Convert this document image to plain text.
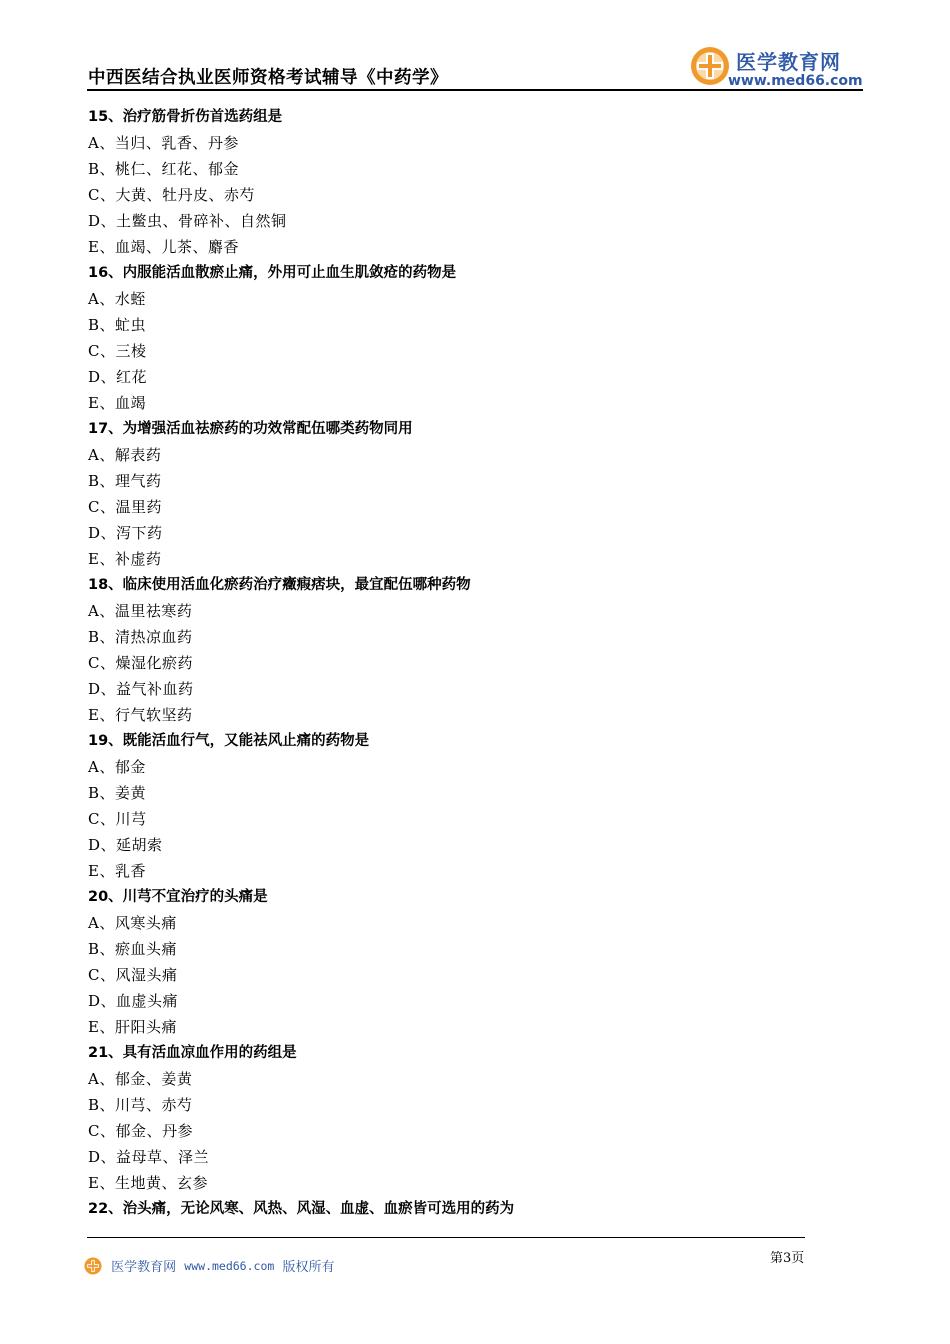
中西医结合执业医师资格考试辅导《中药学》
医学教育网
www.med66.com
15、治疗筋骨折伤首选药组是
A、当归、乳香、丹参
B、桃仁、红花、郁金
C、大黄、牡丹皮、赤芍
D、土鳖虫、骨碎补、自然铜
E、血竭、儿茶、麝香
16、内服能活血散瘀止痛，外用可止血生肌敛疮的药物是
A、水蛭
B、虻虫
C、三棱
D、红花
E、血竭
17、为增强活血祛瘀药的功效常配伍哪类药物同用
A、解表药
B、理气药
C、温里药
D、泻下药
E、补虚药
18、临床使用活血化瘀药治疗癥瘕痞块，最宜配伍哪种药物
A、温里祛寒药
B、清热凉血药
C、燥湿化瘀药
D、益气补血药
E、行气软坚药
19、既能活血行气，又能祛风止痛的药物是
A、郁金
B、姜黄
C、川芎
D、延胡索
E、乳香
20、川芎不宜治疗的头痛是
A、风寒头痛
B、瘀血头痛
C、风湿头痛
D、血虚头痛
E、肝阳头痛
21、具有活血凉血作用的药组是
A、郁金、姜黄
B、川芎、赤芍
C、郁金、丹参
D、益母草、泽兰
E、生地黄、玄参
22、治头痛，无论风寒、风热、风湿、血虚、血瘀皆可选用的药为
医学教育网 www.med66.com 版权所有
第3页
